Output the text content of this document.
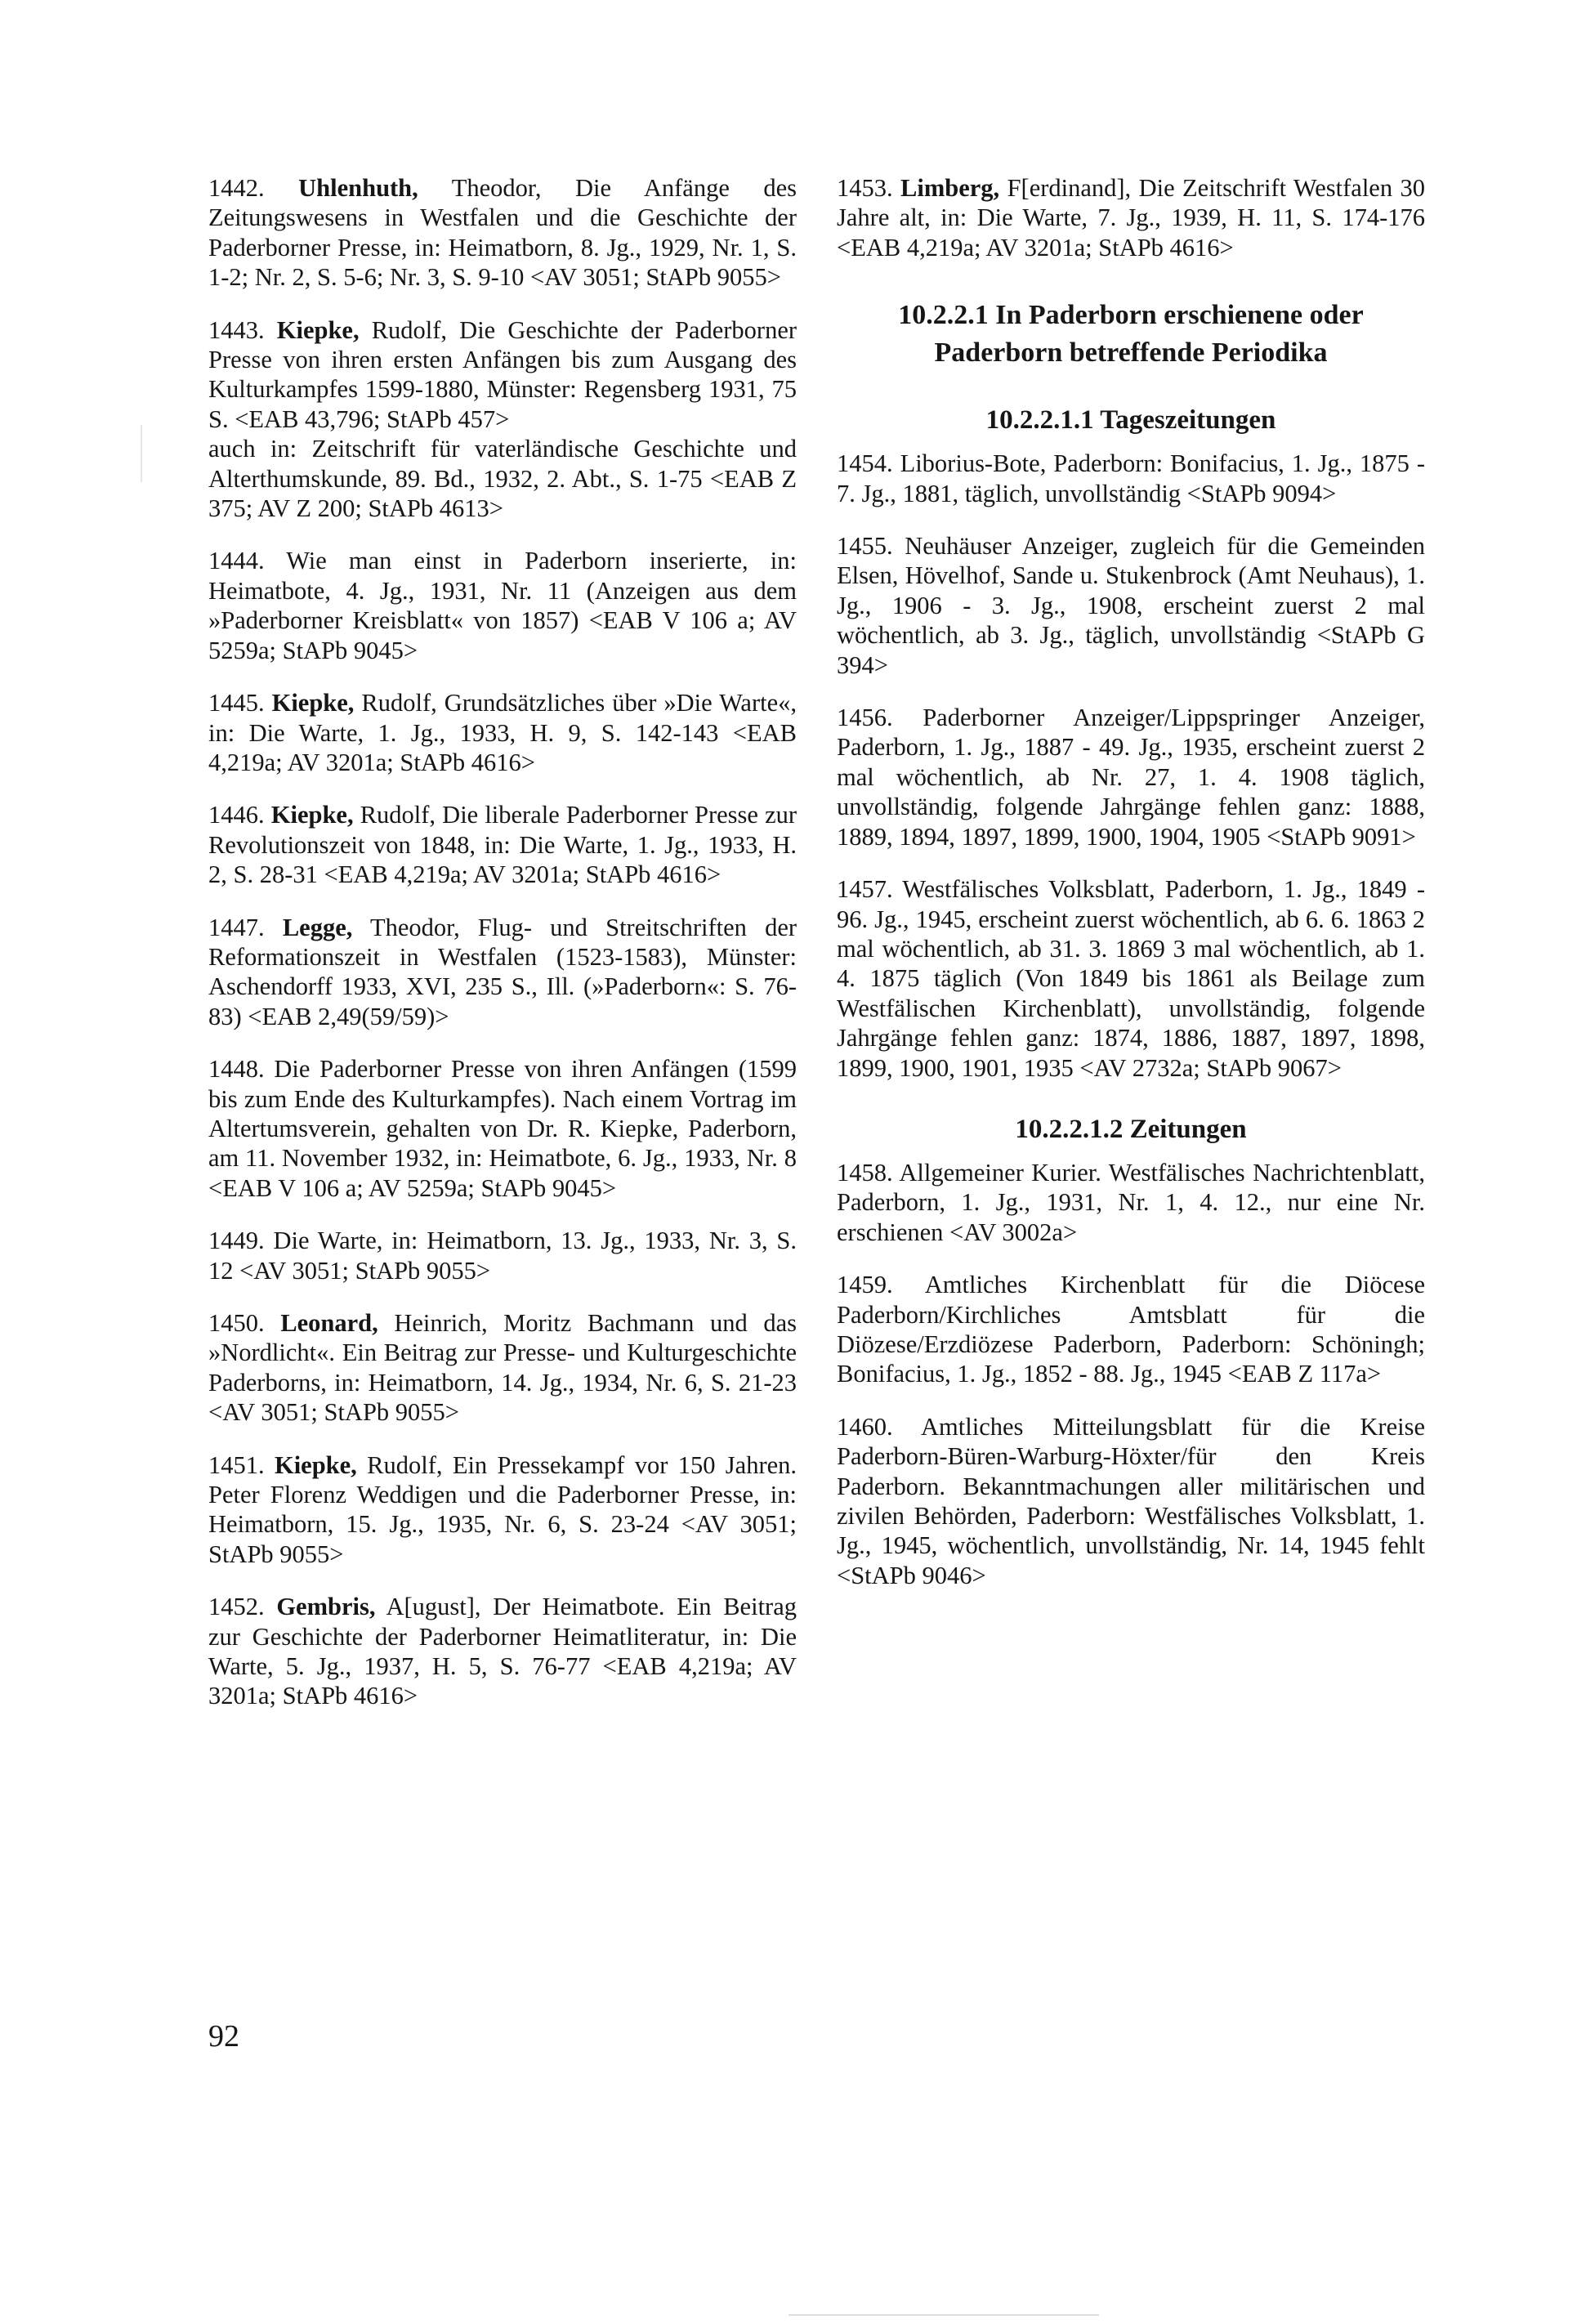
1442. Uhlenhuth, Theodor, Die Anfänge des Zeitungswesens in Westfalen und die Geschichte der Paderborner Presse, in: Heimatborn, 8. Jg., 1929, Nr. 1, S. 1-2; Nr. 2, S. 5-6; Nr. 3, S. 9-10 <AV 3051; StAPb 9055>

1443. Kiepke, Rudolf, Die Geschichte der Paderborner Presse von ihren ersten Anfängen bis zum Ausgang des Kulturkampfes 1599-1880, Münster: Regensberg 1931, 75 S. <EAB 43,796; StAPb 457>
auch in: Zeitschrift für vaterländische Geschichte und Alterthumskunde, 89. Bd., 1932, 2. Abt., S. 1-75 <EAB Z 375; AV Z 200; StAPb 4613>

1444. Wie man einst in Paderborn inserierte, in: Heimatbote, 4. Jg., 1931, Nr. 11 (Anzeigen aus dem »Paderborner Kreisblatt« von 1857) <EAB V 106 a; AV 5259a; StAPb 9045>

1445. Kiepke, Rudolf, Grundsätzliches über »Die Warte«, in: Die Warte, 1. Jg., 1933, H. 9, S. 142-143 <EAB 4,219a; AV 3201a; StAPb 4616>

1446. Kiepke, Rudolf, Die liberale Paderborner Presse zur Revolutionszeit von 1848, in: Die Warte, 1. Jg., 1933, H. 2, S. 28-31 <EAB 4,219a; AV 3201a; StAPb 4616>

1447. Legge, Theodor, Flug- und Streitschriften der Reformationszeit in Westfalen (1523-1583), Münster: Aschendorff 1933, XVI, 235 S., Ill. (»Paderborn«: S. 76-83) <EAB 2,49(59/59)>

1448. Die Paderborner Presse von ihren Anfängen (1599 bis zum Ende des Kulturkampfes). Nach einem Vortrag im Altertumsverein, gehalten von Dr. R. Kiepke, Paderborn, am 11. November 1932, in: Heimatbote, 6. Jg., 1933, Nr. 8 <EAB V 106 a; AV 5259a; StAPb 9045>

1449. Die Warte, in: Heimatborn, 13. Jg., 1933, Nr. 3, S. 12 <AV 3051; StAPb 9055>

1450. Leonard, Heinrich, Moritz Bachmann und das »Nordlicht«. Ein Beitrag zur Presse- und Kulturgeschichte Paderborns, in: Heimatborn, 14. Jg., 1934, Nr. 6, S. 21-23 <AV 3051; StAPb 9055>

1451. Kiepke, Rudolf, Ein Pressekampf vor 150 Jahren. Peter Florenz Weddigen und die Paderborner Presse, in: Heimatborn, 15. Jg., 1935, Nr. 6, S. 23-24 <AV 3051; StAPb 9055>

1452. Gembris, A[ugust], Der Heimatbote. Ein Beitrag zur Geschichte der Paderborner Heimatliteratur, in: Die Warte, 5. Jg., 1937, H. 5, S. 76-77 <EAB 4,219a; AV 3201a; StAPb 4616>

1453. Limberg, F[erdinand], Die Zeitschrift Westfalen 30 Jahre alt, in: Die Warte, 7. Jg., 1939, H. 11, S. 174-176 <EAB 4,219a; AV 3201a; StAPb 4616>

10.2.2.1 In Paderborn erschienene oder Paderborn betreffende Periodika
10.2.2.1.1 Tageszeitungen

1454. Liborius-Bote, Paderborn: Bonifacius, 1. Jg., 1875 - 7. Jg., 1881, täglich, unvollständig <StAPb 9094>

1455. Neuhäuser Anzeiger, zugleich für die Gemeinden Elsen, Hövelhof, Sande u. Stukenbrock (Amt Neuhaus), 1. Jg., 1906 - 3. Jg., 1908, erscheint zuerst 2 mal wöchentlich, ab 3. Jg., täglich, unvollständig <StAPb G 394>

1456. Paderborner Anzeiger/Lippspringer Anzeiger, Paderborn, 1. Jg., 1887 - 49. Jg., 1935, erscheint zuerst 2 mal wöchentlich, ab Nr. 27, 1. 4. 1908 täglich, unvollständig, folgende Jahrgänge fehlen ganz: 1888, 1889, 1894, 1897, 1899, 1900, 1904, 1905 <StAPb 9091>

1457. Westfälisches Volksblatt, Paderborn, 1. Jg., 1849 - 96. Jg., 1945, erscheint zuerst wöchentlich, ab 6. 6. 1863 2 mal wöchentlich, ab 31. 3. 1869 3 mal wöchentlich, ab 1. 4. 1875 täglich (Von 1849 bis 1861 als Beilage zum Westfälischen Kirchenblatt), unvollständig, folgende Jahrgänge fehlen ganz: 1874, 1886, 1887, 1897, 1898, 1899, 1900, 1901, 1935 <AV 2732a; StAPb 9067>

10.2.2.1.2 Zeitungen

1458. Allgemeiner Kurier. Westfälisches Nachrichtenblatt, Paderborn, 1. Jg., 1931, Nr. 1, 4. 12., nur eine Nr. erschienen <AV 3002a>

1459. Amtliches Kirchenblatt für die Diöcese Paderborn/Kirchliches Amtsblatt für die Diözese/Erzdiözese Paderborn, Paderborn: Schöningh; Bonifacius, 1. Jg., 1852 - 88. Jg., 1945 <EAB Z 117a>

1460. Amtliches Mitteilungsblatt für die Kreise Paderborn-Büren-Warburg-Höxter/für den Kreis Paderborn. Bekanntmachungen aller militärischen und zivilen Behörden, Paderborn: Westfälisches Volksblatt, 1. Jg., 1945, wöchentlich, unvollständig, Nr. 14, 1945 fehlt <StAPb 9046>

92
